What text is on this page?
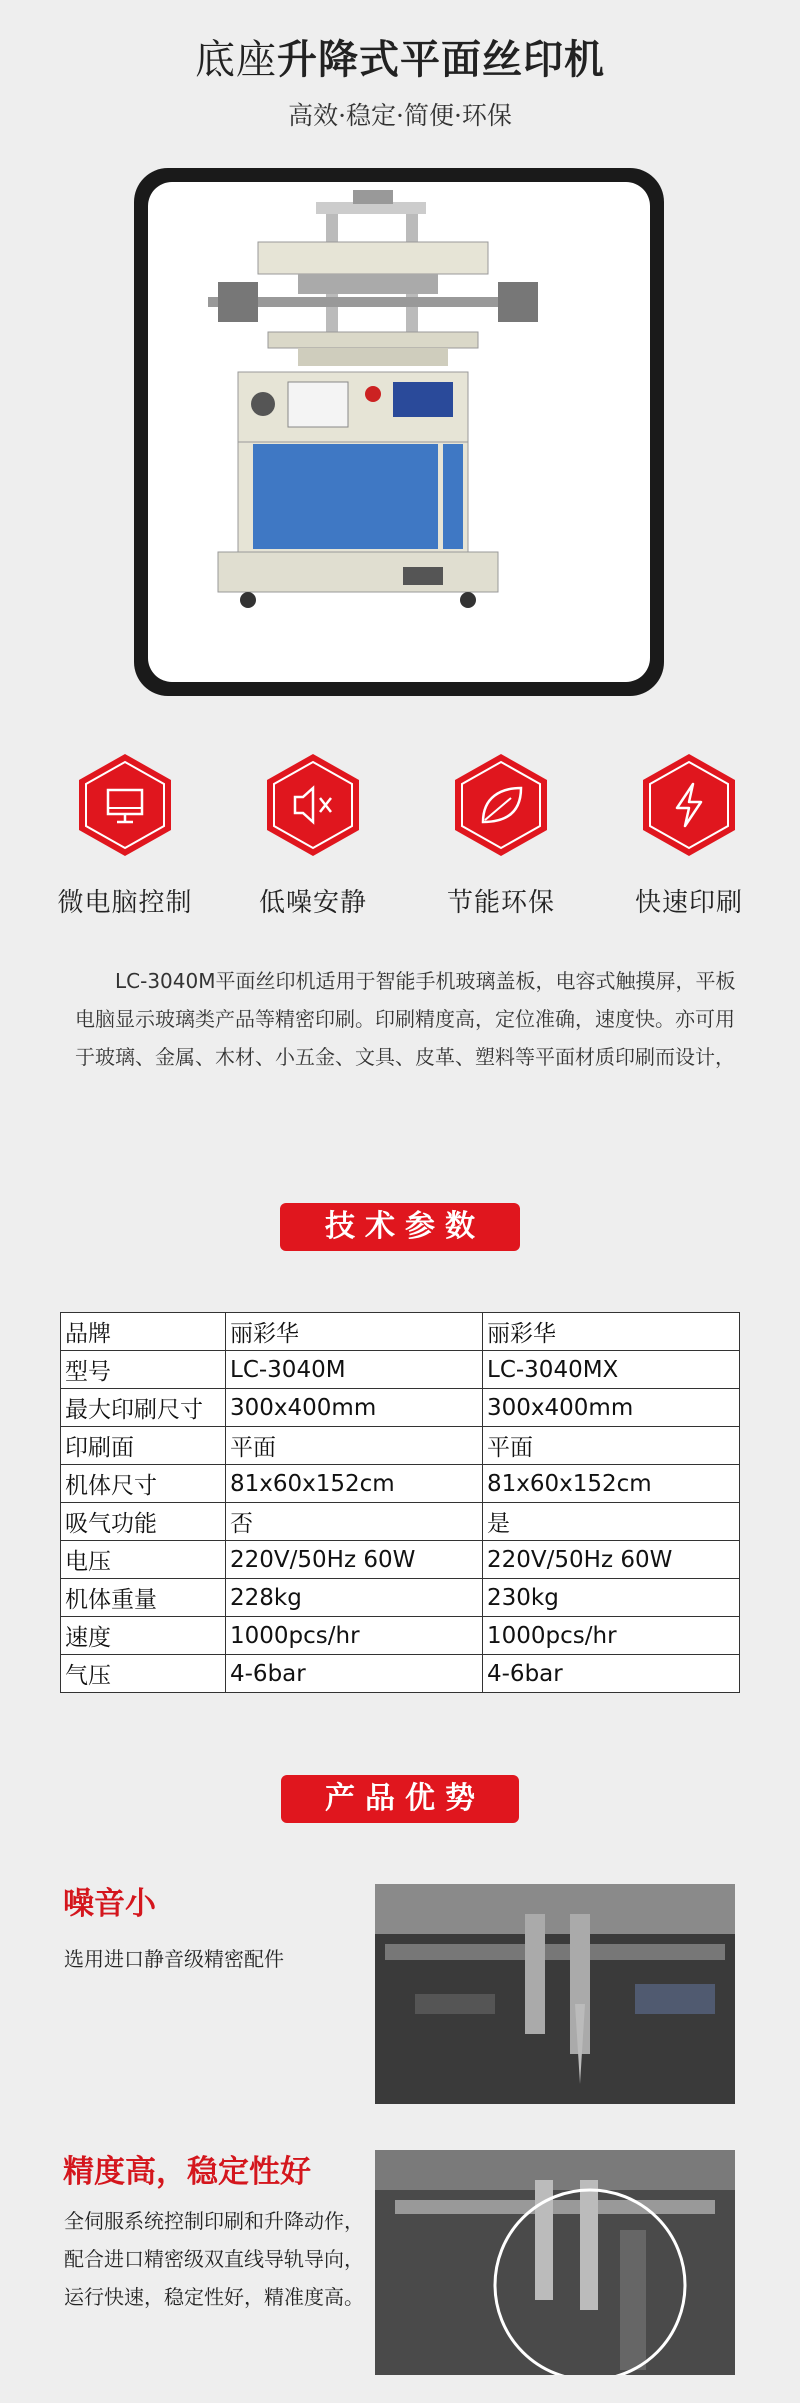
底座升降式平面丝印机
高效·稳定·简便·环保
微电脑控制	低噪安静	节能环保	快速印刷

LC-3040M平面丝印机适用于智能手机玻璃盖板，电容式触摸屏，平板电脑显示玻璃类产品等精密印刷。印刷精度高，定位准确，速度快。亦可用于玻璃、金属、木材、小五金、文具、皮革、塑料等平面材质印刷而设计，

技术参数
品牌	丽彩华	丽彩华
型号	LC-3040M	LC-3040MX
最大印刷尺寸	300x400mm	300x400mm
印刷面	平面	平面
机体尺寸	81x60x152cm	81x60x152cm
吸气功能	否	是
电压	220V/50Hz 60W	220V/50Hz 60W
机体重量	228kg	230kg
速度	1000pcs/hr	1000pcs/hr
气压	4-6bar	4-6bar
产品优势
噪音小
选用进口静音级精密配件
精度高，稳定性好
全伺服系统控制印刷和升降动作，配合进口精密级双直线导轨导向，运行快速，稳定性好，精准度高。
